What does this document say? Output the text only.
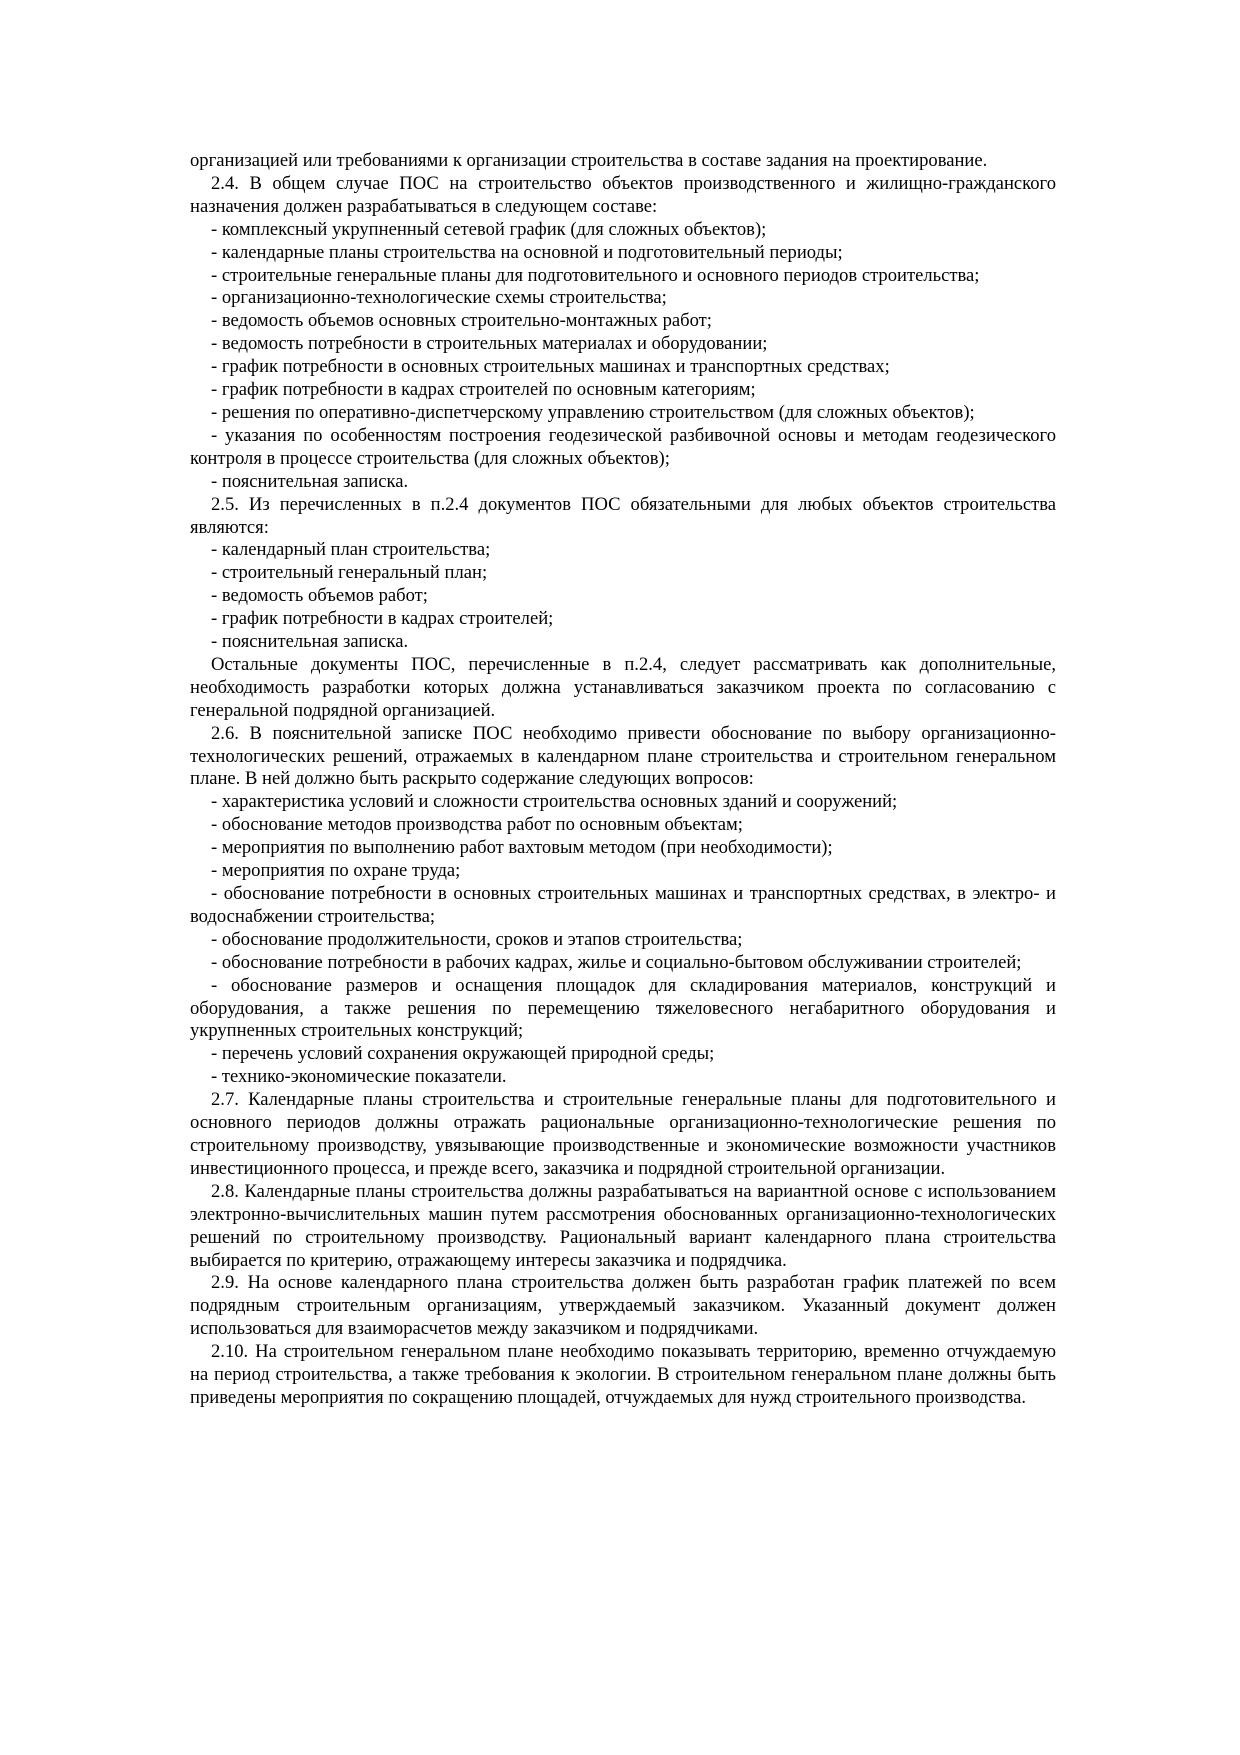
организацией или требованиями к организации строительства в составе задания на проектирование.

2.4. В общем случае ПОС на строительство объектов производственного и жилищно-гражданского назначения должен разрабатываться в следующем составе:

- комплексный укрупненный сетевой график (для сложных объектов);

- календарные планы строительства на основной и подготовительный периоды;

- строительные генеральные планы для подготовительного и основного периодов строительства;

- организационно-технологические схемы строительства;

- ведомость объемов основных строительно-монтажных работ;

- ведомость потребности в строительных материалах и оборудовании;

- график потребности в основных строительных машинах и транспортных средствах;

- график потребности в кадрах строителей по основным категориям;

- решения по оперативно-диспетчерскому управлению строительством (для сложных объектов);

- указания по особенностям построения геодезической разбивочной основы и методам геодезического контроля в процессе строительства (для сложных объектов);

- пояснительная записка.

2.5. Из перечисленных в п.2.4 документов ПОС обязательными для любых объектов строительства являются:

- календарный план строительства;

- строительный генеральный план;

- ведомость объемов работ;

- график потребности в кадрах строителей;

- пояснительная записка.

Остальные документы ПОС, перечисленные в п.2.4, следует рассматривать как дополнительные, необходимость разработки которых должна устанавливаться заказчиком проекта по согласованию с генеральной подрядной организацией.

2.6. В пояснительной записке ПОС необходимо привести обоснование по выбору организационно-технологических решений, отражаемых в календарном плане строительства и строительном генеральном плане. В ней должно быть раскрыто содержание следующих вопросов:

- характеристика условий и сложности строительства основных зданий и сооружений;

- обоснование методов производства работ по основным объектам;

- мероприятия по выполнению работ вахтовым методом (при необходимости);

- мероприятия по охране труда;

- обоснование потребности в основных строительных машинах и транспортных средствах, в электро- и водоснабжении строительства;

- обоснование продолжительности, сроков и этапов строительства;

- обоснование потребности в рабочих кадрах, жилье и социально-бытовом обслуживании строителей;

- обоснование размеров и оснащения площадок для складирования материалов, конструкций и оборудования, а также решения по перемещению тяжеловесного негабаритного оборудования и укрупненных строительных конструкций;

- перечень условий сохранения окружающей природной среды;

- технико-экономические показатели.

2.7. Календарные планы строительства и строительные генеральные планы для подготовительного и основного периодов должны отражать рациональные организационно-технологические решения по строительному производству, увязывающие производственные и экономические возможности участников инвестиционного процесса, и прежде всего, заказчика и подрядной строительной организации.

2.8. Календарные планы строительства должны разрабатываться на вариантной основе с использованием электронно-вычислительных машин путем рассмотрения обоснованных организационно-технологических решений по строительному производству. Рациональный вариант календарного плана строительства выбирается по критерию, отражающему интересы заказчика и подрядчика.

2.9. На основе календарного плана строительства должен быть разработан график платежей по всем подрядным строительным организациям, утверждаемый заказчиком. Указанный документ должен использоваться для взаиморасчетов между заказчиком и подрядчиками.

2.10. На строительном генеральном плане необходимо показывать территорию, временно отчуждаемую на период строительства, а также требования к экологии. В строительном генеральном плане должны быть приведены мероприятия по сокращению площадей, отчуждаемых для нужд строительного производства.
